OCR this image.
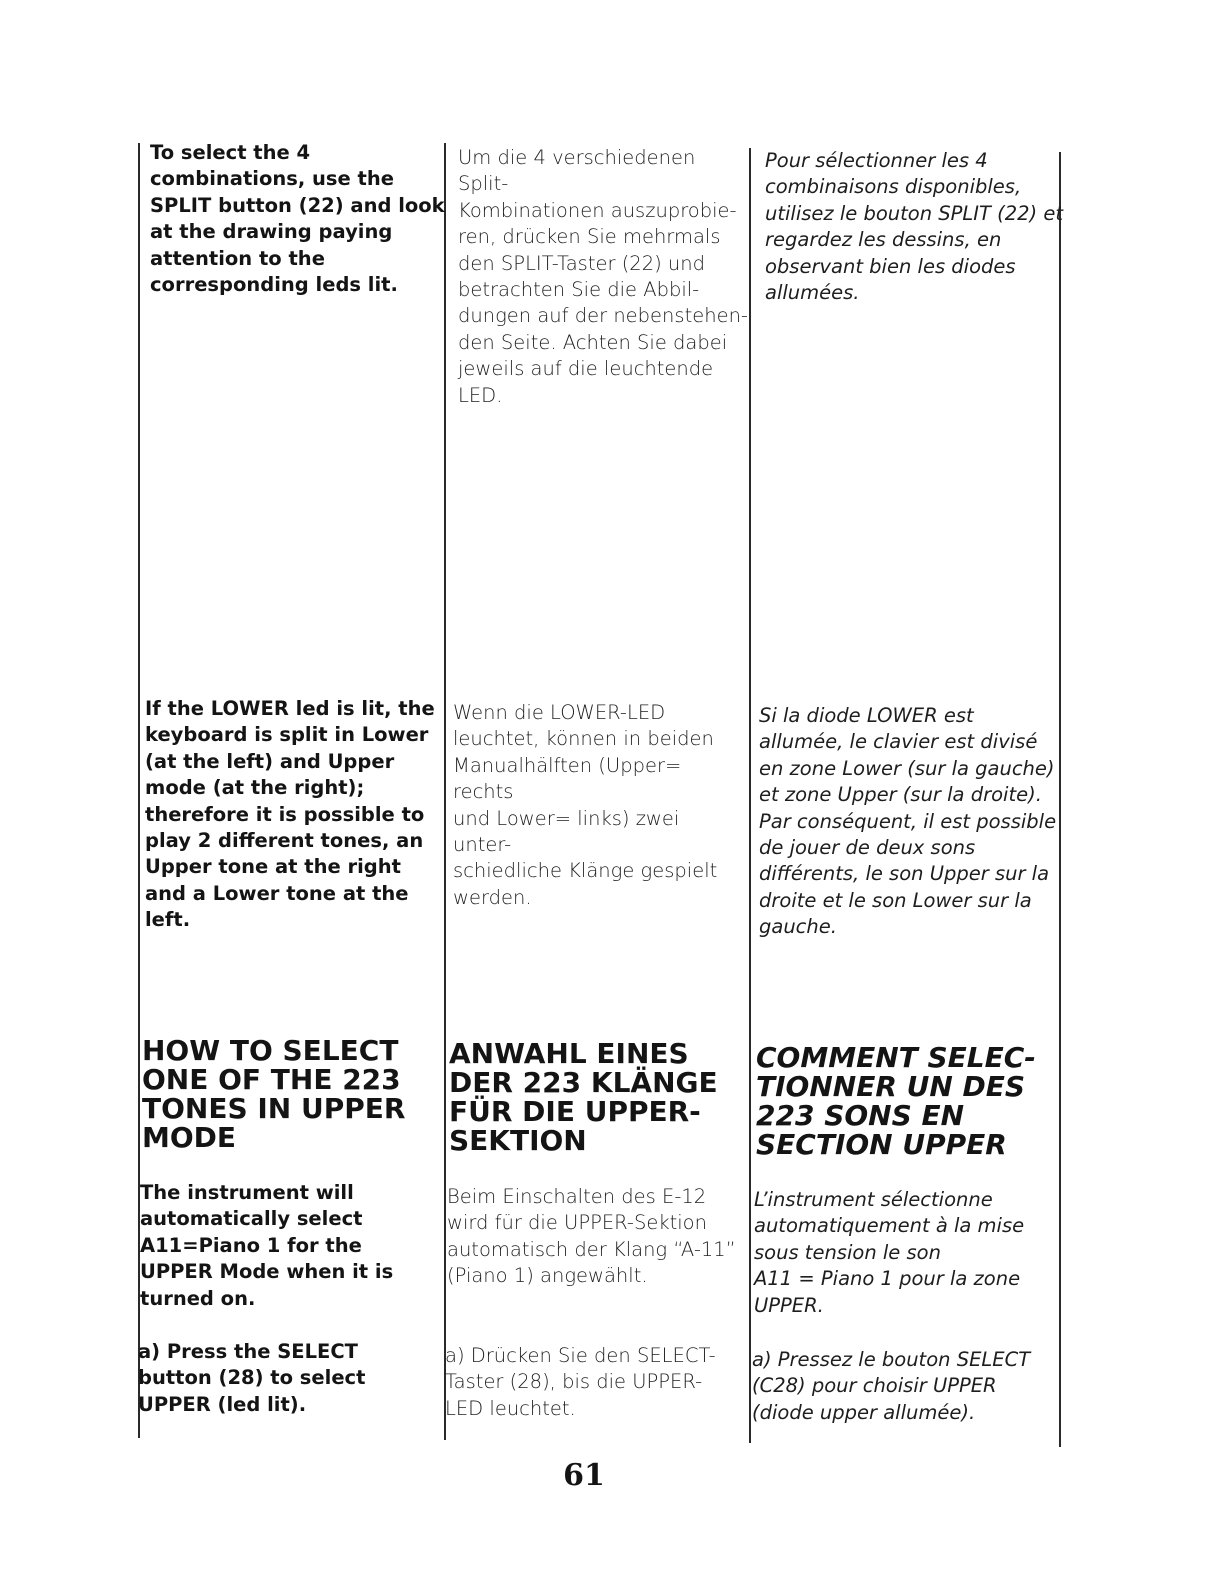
To select the 4 combinations, use the SPLIT button (22) and look at the drawing paying attention to the corresponding leds lit.

If the LOWER led is lit, the keyboard is split in Lower (at the left) and Upper mode (at the right); therefore it is possible to play 2 different tones, an Upper tone at the right and a Lower tone at the left.

HOW TO SELECT
ONE OF THE 223
TONES IN UPPER
MODE

The instrument will automatically select A11=Piano 1 for the UPPER Mode when it is turned on.

a) Press the SELECT button (28) to select UPPER (led lit).

Um die 4 verschiedenen Split-
Kombinationen auszuprobie-
ren, drücken Sie mehrmals
den SPLIT-Taster (22) und
betrachten Sie die Abbil-
dungen auf der nebenstehen-
den Seite. Achten Sie dabei
jeweils auf die leuchtende
LED.

Wenn die LOWER-LED
leuchtet, können in beiden
Manualhälften (Upper= rechts
und Lower= links) zwei unter-
schiedliche Klänge gespielt
werden.

ANWAHL EINES
DER 223 KLÄNGE
FÜR DIE UPPER-
SEKTION

Beim Einschalten des E-12
wird für die UPPER-Sektion
automatisch der Klang “A-11”
(Piano 1) angewählt.

a) Drücken Sie den SELECT-
Taster (28), bis die UPPER-
LED leuchtet.

Pour sélectionner les 4
combinaisons disponibles,
utilisez le bouton SPLIT (22) et
regardez les dessins, en
observant bien les diodes
allumées.

Si la diode LOWER est
allumée, le clavier est divisé
en zone Lower (sur la gauche)
et zone Upper (sur la droite).
Par conséquent, il est possible
de jouer de deux sons
différents, le son Upper sur la
droite et le son Lower sur la
gauche.

COMMENT SELEC-
TIONNER UN DES
223 SONS EN
SECTION UPPER

L’instrument sélectionne
automatiquement à la mise
sous tension le son
A11 = Piano 1 pour la zone
UPPER.

a) Pressez le bouton SELECT
(C28) pour choisir UPPER
(diode upper allumée).

61
